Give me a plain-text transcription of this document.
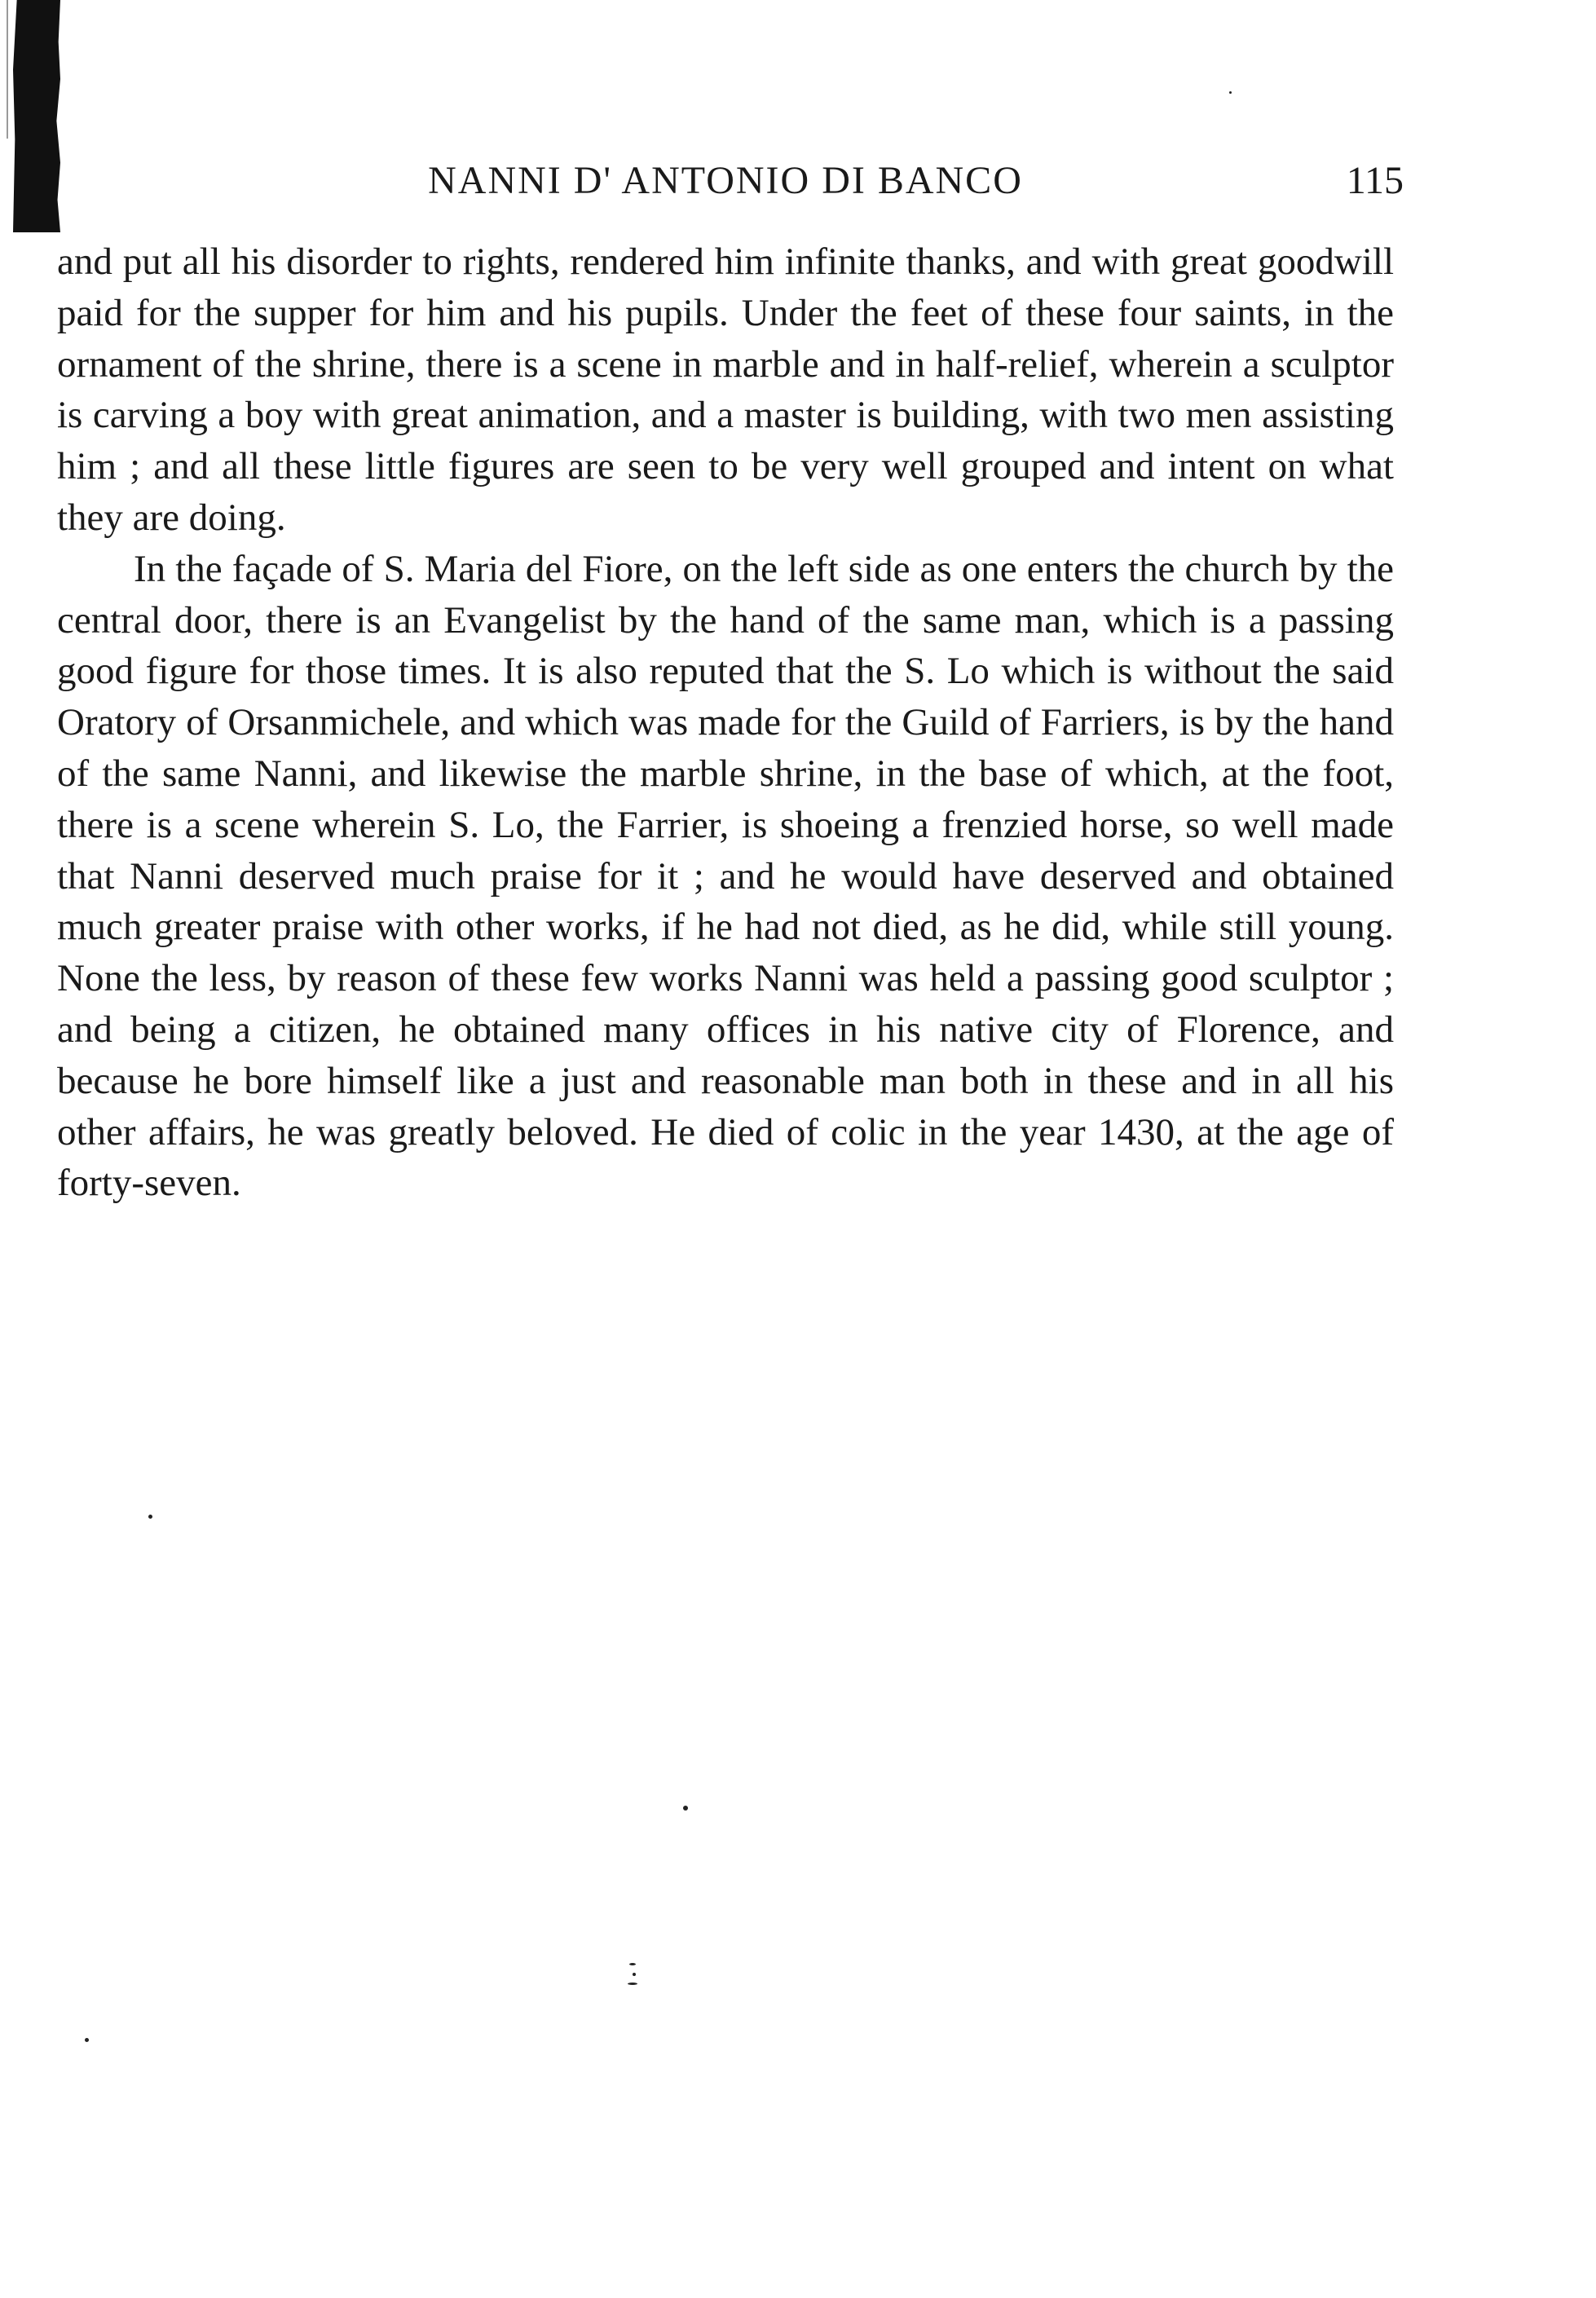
NANNI D' ANTONIO DI BANCO	115

and put all his disorder to rights, rendered him infinite thanks, and with great goodwill paid for the supper for him and his pupils. Under the feet of these four saints, in the ornament of the shrine, there is a scene in marble and in half-relief, wherein a sculptor is carving a boy with great animation, and a master is building, with two men assisting him ; and all these little figures are seen to be very well grouped and intent on what they are doing.

In the façade of S. Maria del Fiore, on the left side as one enters the church by the central door, there is an Evangelist by the hand of the same man, which is a passing good figure for those times. It is also reputed that the S. Lo which is without the said Oratory of Orsanmichele, and which was made for the Guild of Farriers, is by the hand of the same Nanni, and likewise the marble shrine, in the base of which, at the foot, there is a scene wherein S. Lo, the Farrier, is shoeing a frenzied horse, so well made that Nanni deserved much praise for it ; and he would have deserved and obtained much greater praise with other works, if he had not died, as he did, while still young. None the less, by reason of these few works Nanni was held a passing good sculptor ; and being a citizen, he obtained many offices in his native city of Florence, and because he bore himself like a just and reasonable man both in these and in all his other affairs, he was greatly beloved. He died of colic in the year 1430, at the age of forty-seven.
